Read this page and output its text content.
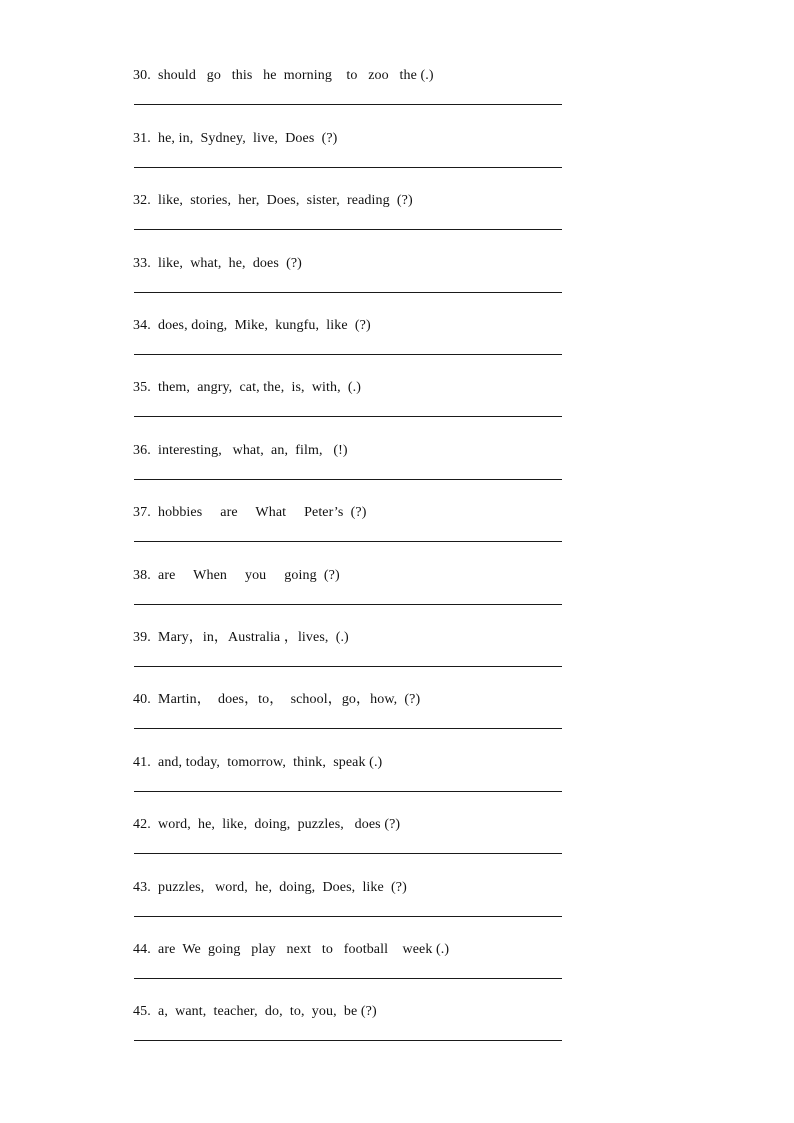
30. should   go   this   he  morning    to   zoo   the (.)
31. he, in,  Sydney,  live,  Does  (?)
32. like,  stories,  her,  Does,  sister,  reading  (?)
33. like,  what,  he,  does  (?)
34. does, doing,  Mike,  kungfu,  like  (?)
35. them,  angry,  cat, the,  is,  with,  (.)
36. interesting,   what,  an,  film,   (!)
37. hobbies     are     What     Peter’s  (?)
38. are     When     you     going  (?)
39. Mary，in，Australia ，lives,  (.)
40. Martin，  does，to，  school，go，how,  (?)
41. and, today,  tomorrow,  think,  speak (.)
42. word,  he,  like,  doing,  puzzles,   does (?)
43. puzzles,   word,  he,  doing,  Does,  like  (?)
44. are  We  going   play   next   to   football    week (.)
45. a,  want,  teacher,  do,  to,  you,  be (?)
